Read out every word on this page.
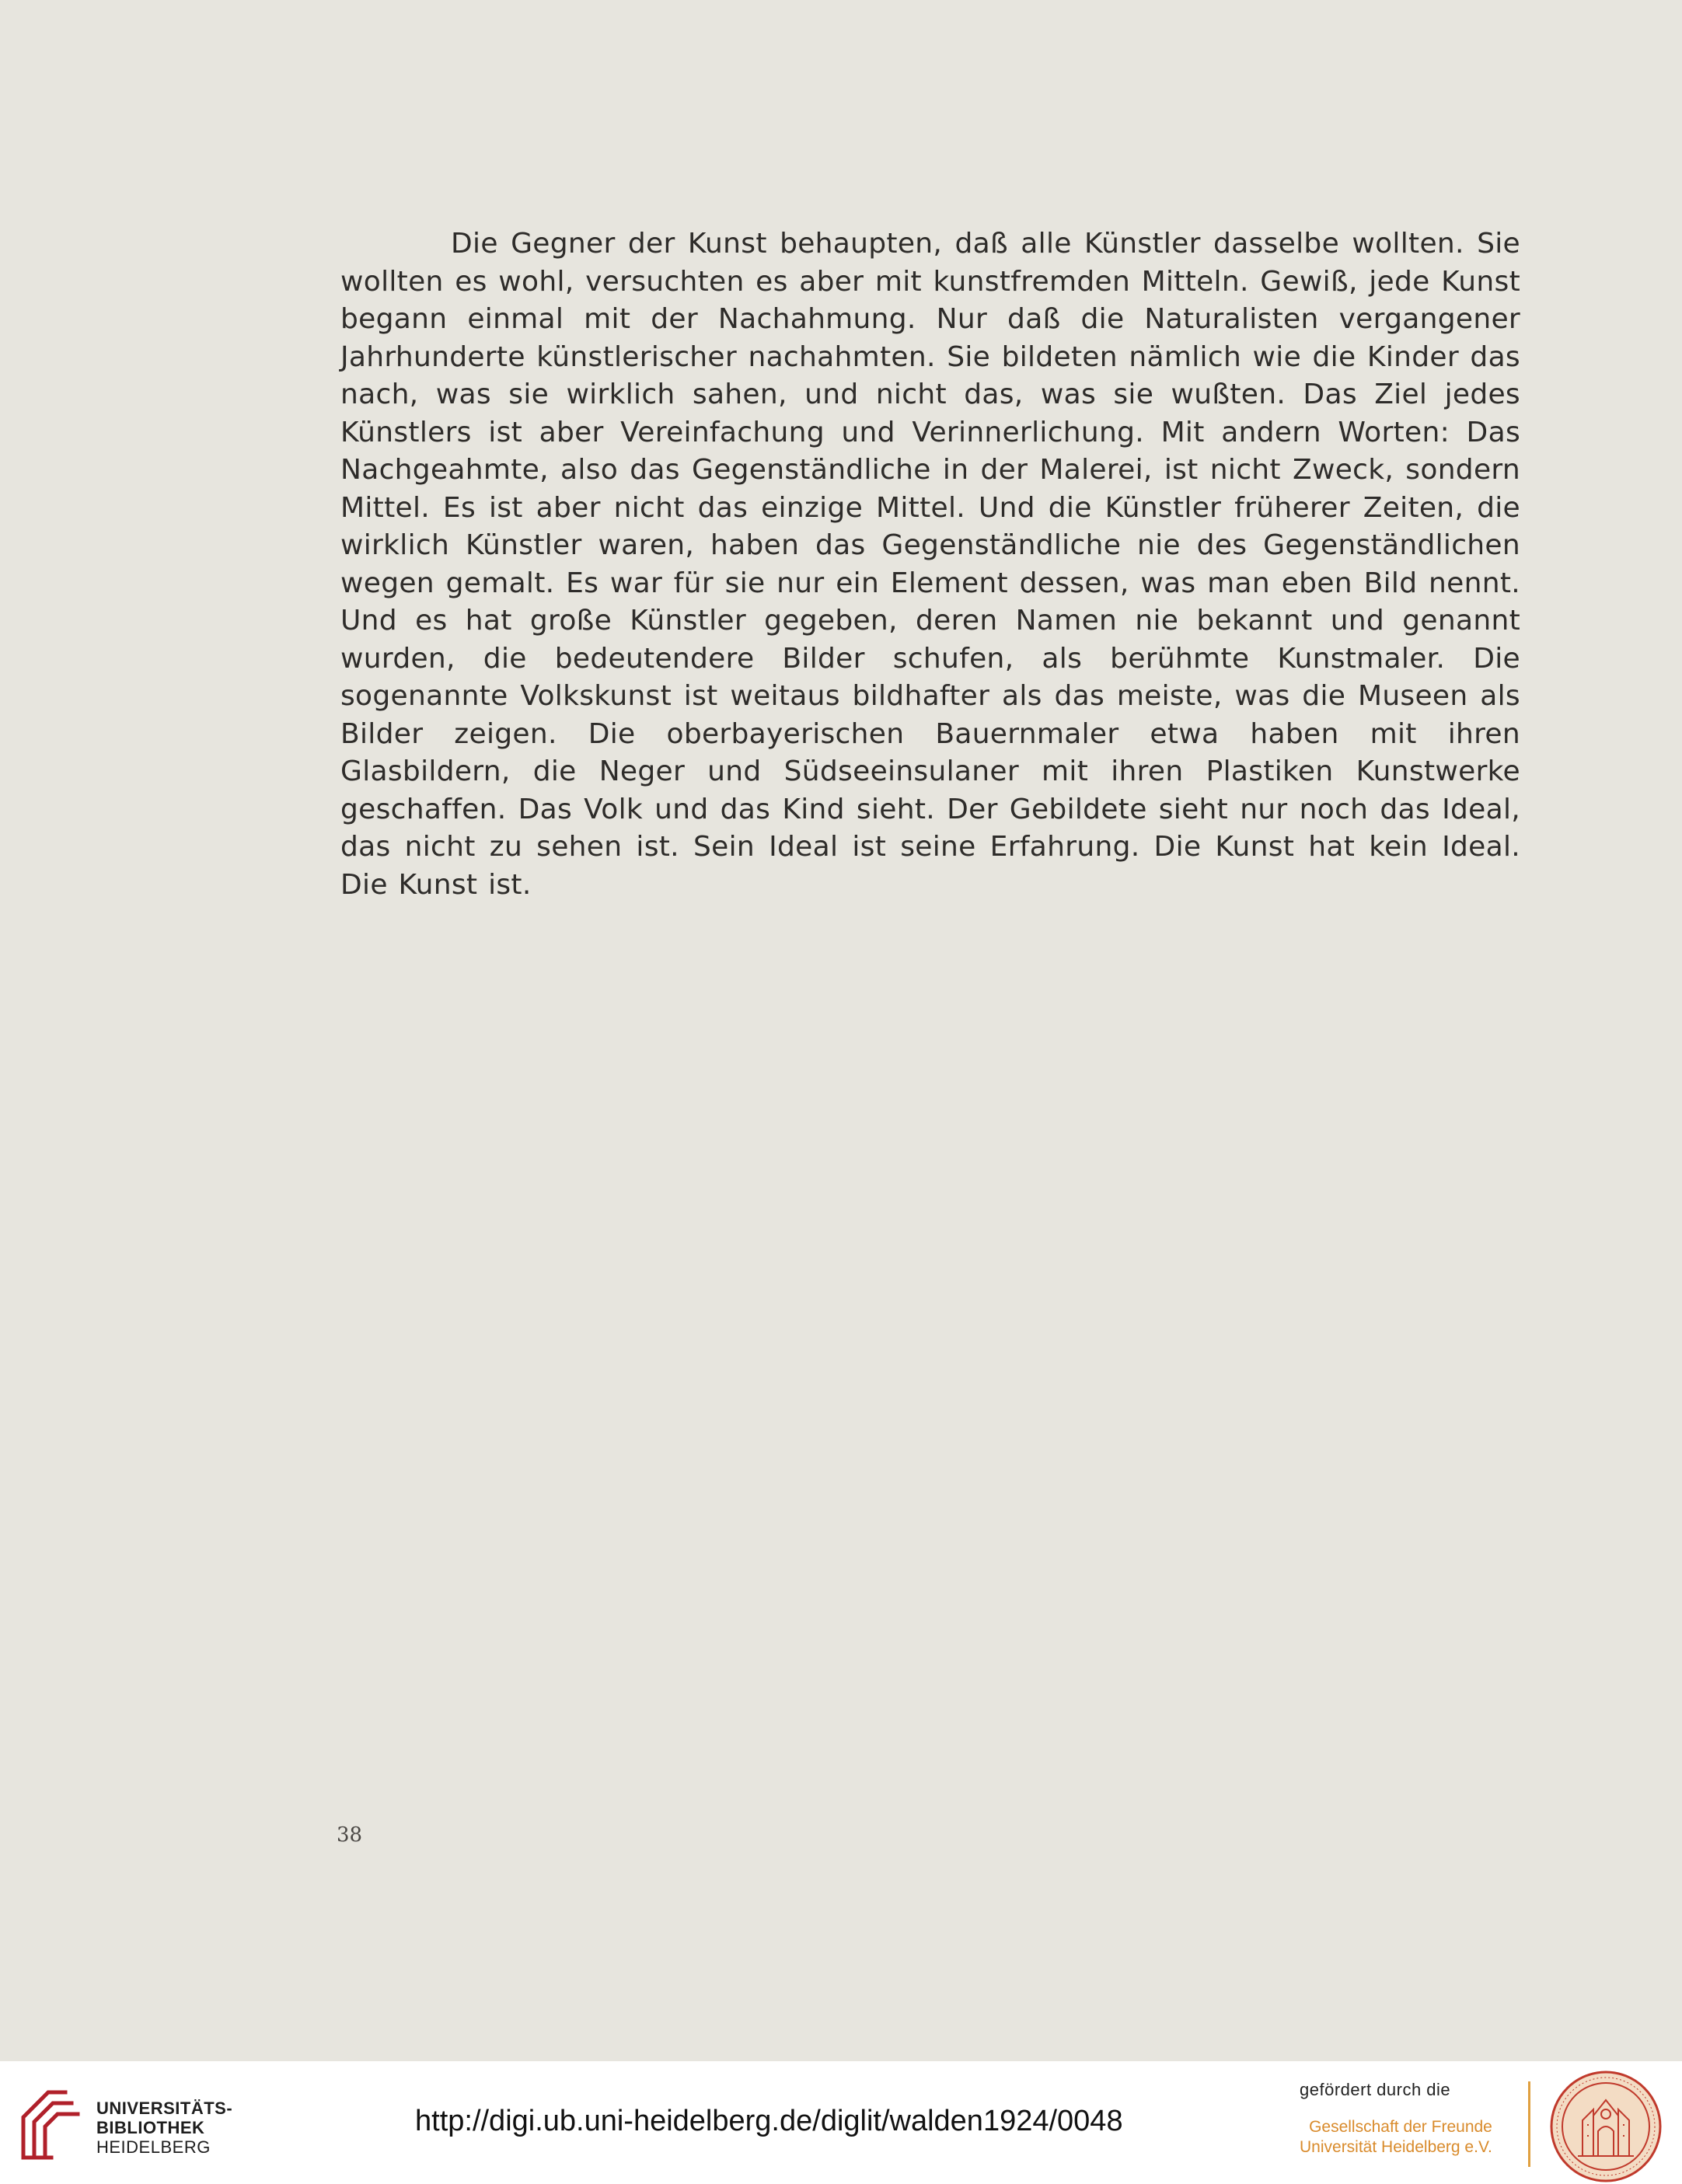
Die Gegner der Kunst behaupten, daß alle Künstler dasselbe wollten. Sie wollten es wohl, versuchten es aber mit kunstfremden Mitteln. Gewiß, jede Kunst begann einmal mit der Nachahmung. Nur daß die Naturalisten vergangener Jahrhunderte künstlerischer nachahmten. Sie bildeten nämlich wie die Kinder das nach, was sie wirklich sahen, und nicht das, was sie wußten. Das Ziel jedes Künstlers ist aber Vereinfachung und Verinnerlichung. Mit andern Worten: Das Nachgeahmte, also das Gegenständliche in der Malerei, ist nicht Zweck, sondern Mittel. Es ist aber nicht das einzige Mittel. Und die Künstler früherer Zeiten, die wirklich Künstler waren, haben das Gegenständliche nie des Gegenständlichen wegen gemalt. Es war für sie nur ein Element dessen, was man eben Bild nennt. Und es hat große Künstler gegeben, deren Namen nie bekannt und genannt wurden, die bedeutendere Bilder schufen, als berühmte Kunstmaler. Die sogenannte Volkskunst ist weitaus bildhafter als das meiste, was die Museen als Bilder zeigen. Die oberbayerischen Bauernmaler etwa haben mit ihren Glasbildern, die Neger und Südseeinsulaner mit ihren Plastiken Kunstwerke geschaffen. Das Volk und das Kind sieht. Der Gebildete sieht nur noch das Ideal, das nicht zu sehen ist. Sein Ideal ist seine Erfahrung. Die Kunst hat kein Ideal. Die Kunst ist.

38
UNIVERSITÄTS-
BIBLIOTHEK
HEIDELBERG
http://digi.ub.uni-heidelberg.de/diglit/walden1924/0048
gefördert durch die
Gesellschaft der Freunde
Universität Heidelberg e.V.
